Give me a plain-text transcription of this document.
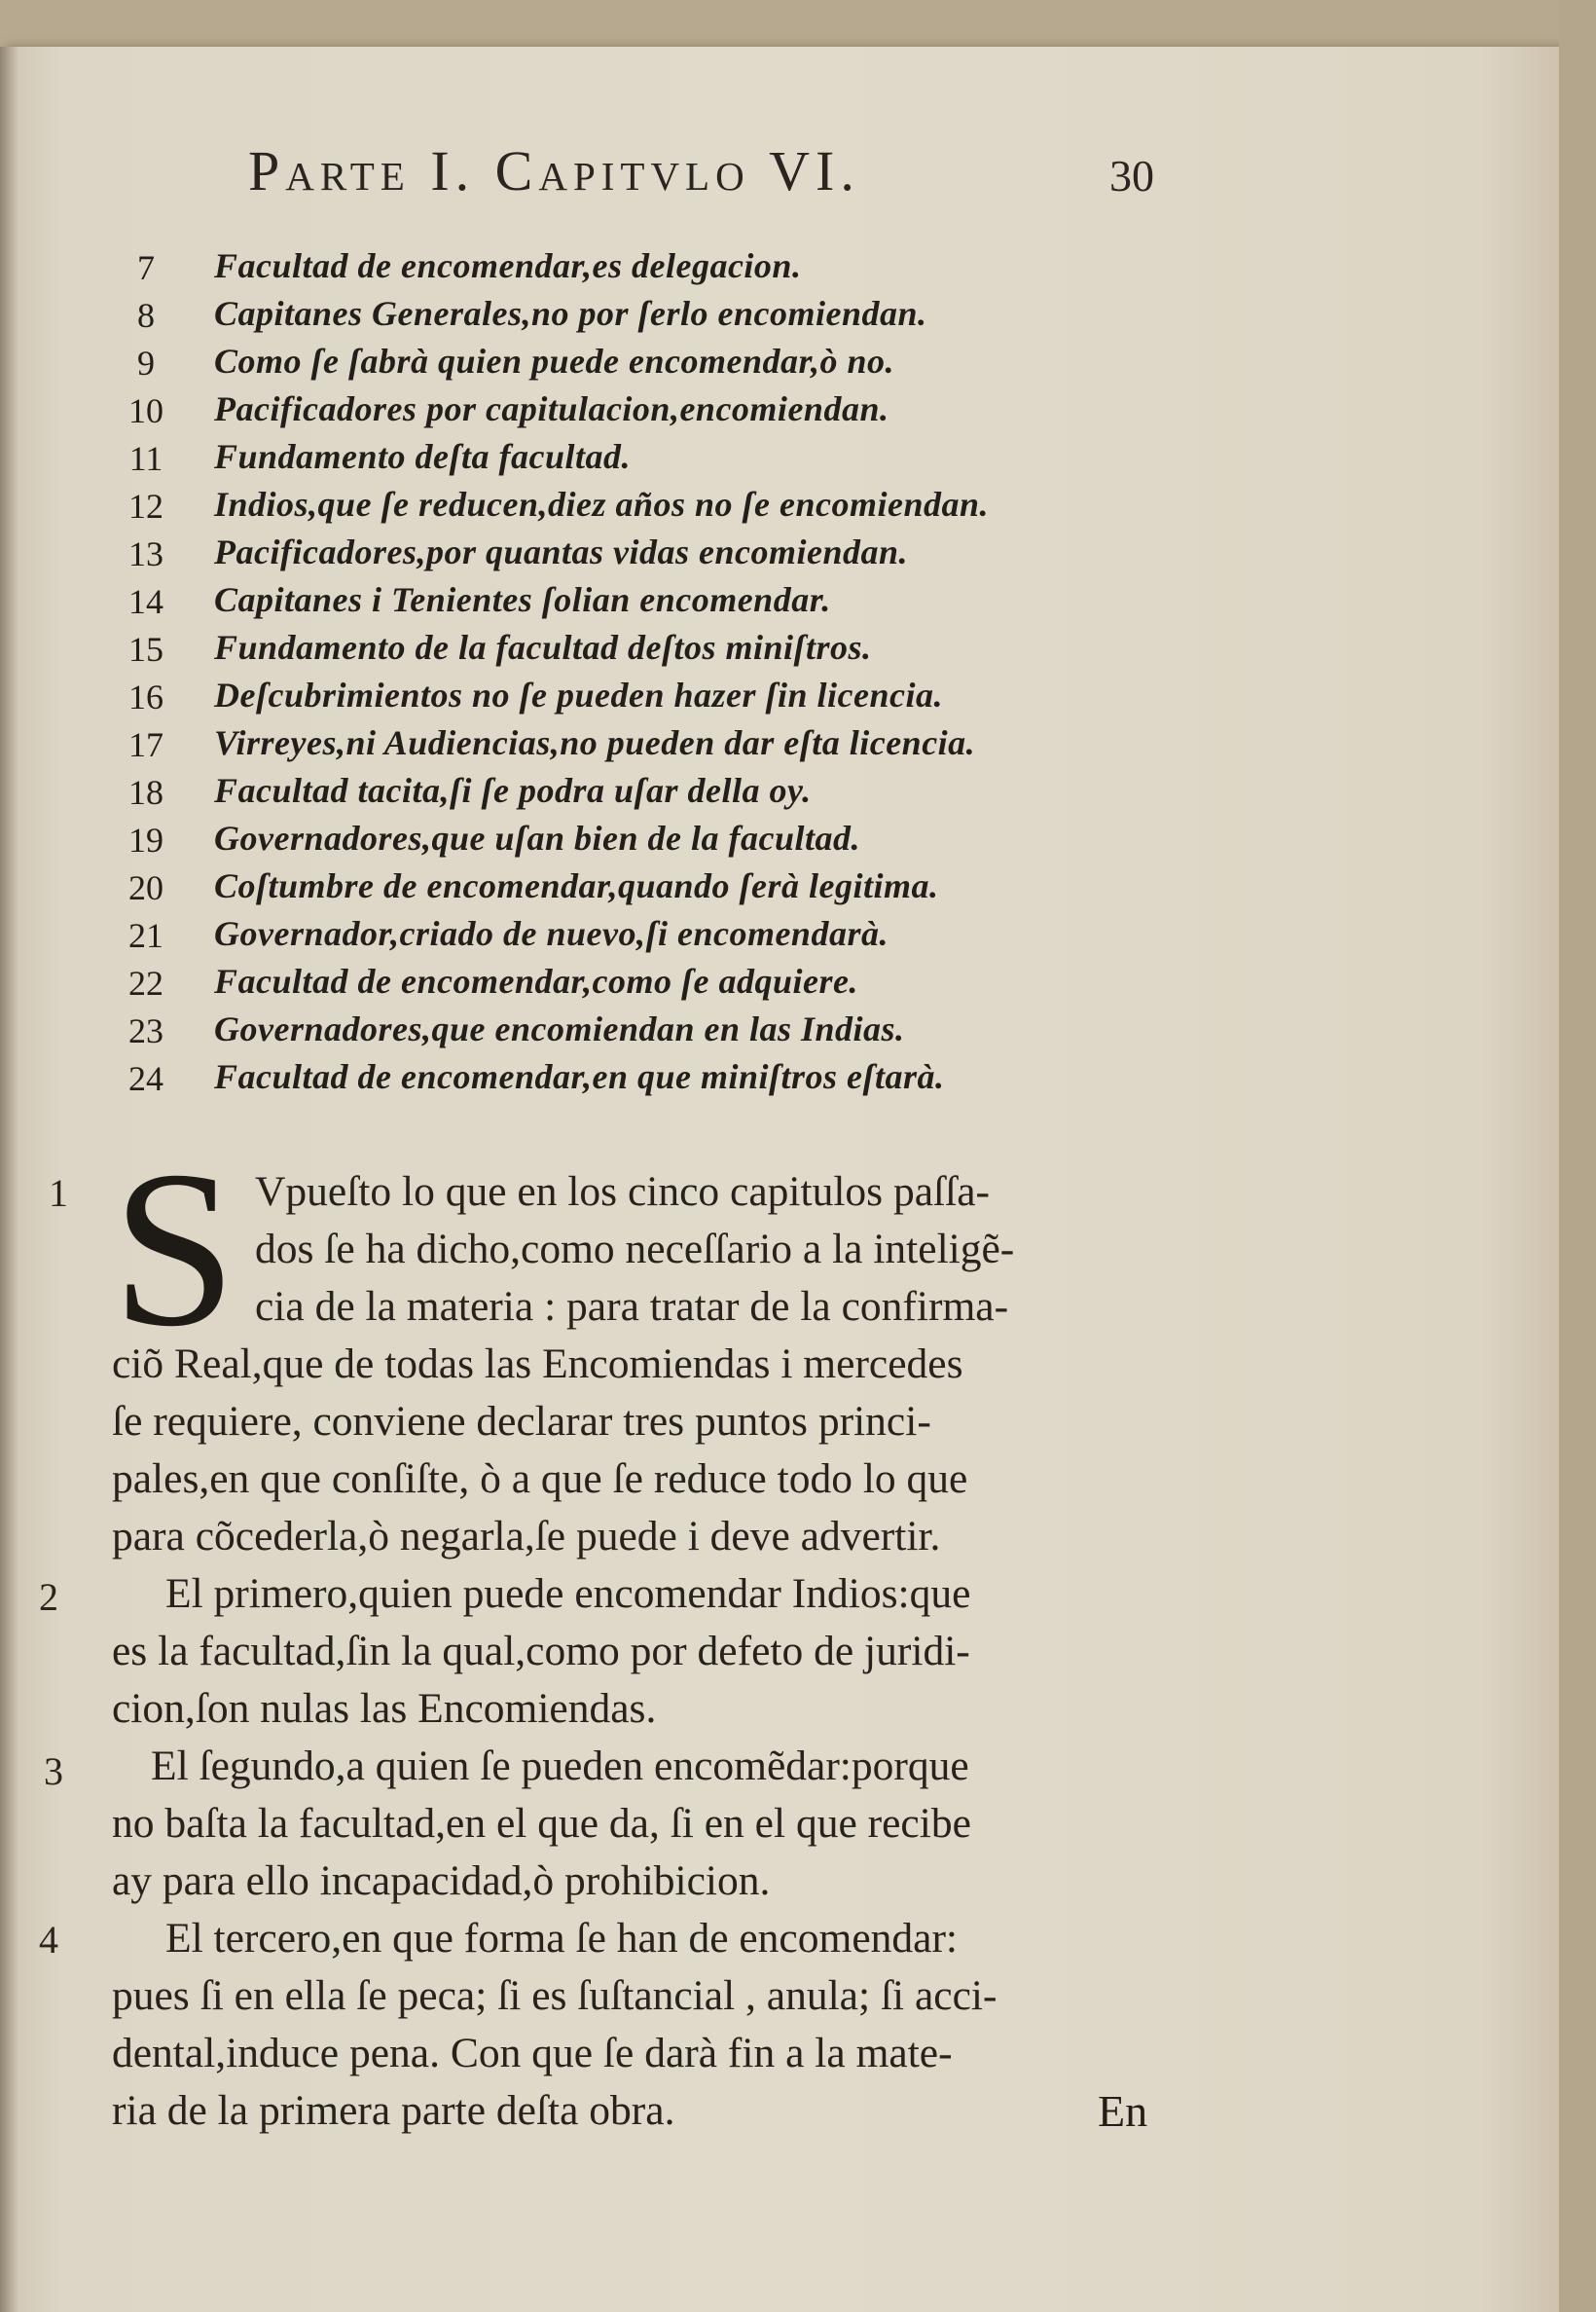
Parte I. Capitvlo VI.	30
7	Facultad de encomendar,es delegacion.
8	Capitanes Generales,no por ſerlo encomiendan.
9	Como ſe ſabrà quien puede encomendar,ò no.
10	Pacificadores por capitulacion,encomiendan.
11	Fundamento deſta facultad.
12	Indios,que ſe reducen,diez años no ſe encomiendan.
13	Pacificadores,por quantas vidas encomiendan.
14	Capitanes i Tenientes ſolian encomendar.
15	Fundamento de la facultad deſtos miniſtros.
16	Deſcubrimientos no ſe pueden hazer ſin licencia.
17	Virreyes,ni Audiencias,no pueden dar eſta licencia.
18	Facultad tacita,ſi ſe podra uſar della oy.
19	Governadores,que uſan bien de la facultad.
20	Coſtumbre de encomendar,quando ſerà legitima.
21	Governador,criado de nuevo,ſi encomendarà.
22	Facultad de encomendar,como ſe adquiere.
23	Governadores,que encomiendan en las Indias.
24	Facultad de encomendar,en que miniſtros eſtarà.
S
1	Vpueſto lo que en los cinco capitulos paſſa-
dos ſe ha dicho,como neceſſario a la inteligẽ-
cia de la materia : para tratar de la confirma-
ciõ Real,que de todas las Encomiendas i mercedes
ſe requiere, conviene declarar tres puntos princi-
pales,en que conſiſte, ò a que ſe reduce todo lo que
para cõcederla,ò negarla,ſe puede i deve advertir.
2	El primero,quien puede encomendar Indios:que
es la facultad,ſin la qual,como por defeto de juridi-
cion,ſon nulas las Encomiendas.
3 El ſegundo,a quien ſe pueden encomẽdar:porque
no baſta la facultad,en el que da, ſi en el que recibe
ay para ello incapacidad,ò prohibicion.
4	El tercero,en que forma ſe han de encomendar:
pues ſi en ella ſe peca; ſi es ſuſtancial , anula; ſi acci-
dental,induce pena. Con que ſe darà fin a la mate-
ria de la primera parte deſta obra.	En
